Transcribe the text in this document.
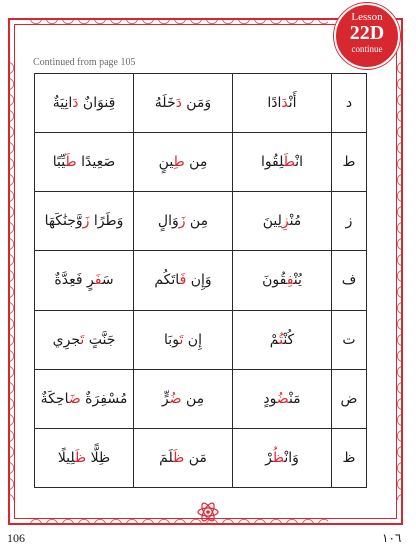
Lesson
22D
continue
Continued from page 105
قِنوَانٌ دَانِيَةٌ	وَمَن دَخَلَهُ	أَنْدَادًا	د
صَعِيدًا طَيِّبًا	مِن طِينٍ	انْطَلِقُوا	ط
وَطَرًا زَوَّجنَٰكَهَا	مِن زَوَالٍ	مُنْزِلِينَ	ز
سَفَرٍ فَعِدَّةٌ	وَإِن فَاتَكُم	يُنْفِقُونَ	ف
جَنَّتٍ تَجرِي	إِن تَوبَا	كُنْتُمْ	ت
مُسْفِرَةٌ ضَاحِكَةٌ	مِن ضُرٍّ	مَنْضُودٍ	ض
ظِلًّا ظَلِيلًا	مَن ظَلَمَ	وَانْظُرْ	ظ
106	١٠٦
